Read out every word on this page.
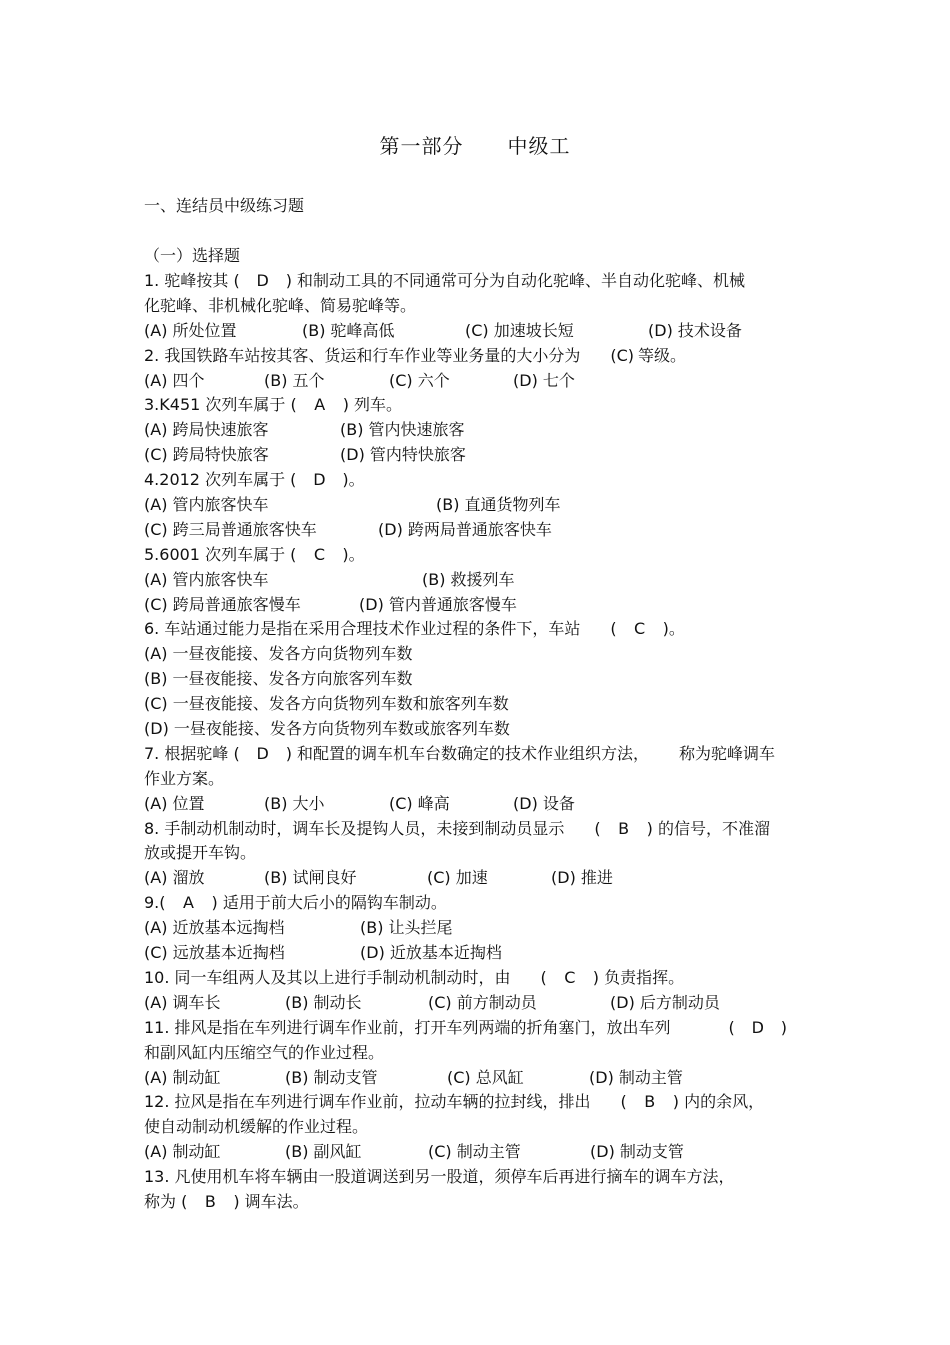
第一部分 中级工
一、连结员中级练习题
（一）选择题
1. 驼峰按其 ( D ) 和制动工具的不同通常可分为自动化驼峰、半自动化驼峰、机械
化驼峰、非机械化驼峰、简易驼峰等。
(A) 所处位置	(B) 驼峰高低	(C) 加速坡长短	(D) 技术设备
2. 我国铁路车站按其客、货运和行车作业等业务量的大小分为 (C) 等级。
(A) 四个	(B) 五个	(C) 六个	(D) 七个
3.K451 次列车属于 ( A ) 列车。
(A) 跨局快速旅客	(B) 管内快速旅客
(C) 跨局特快旅客	(D) 管内特快旅客
4.2012 次列车属于 ( D )。
(A) 管内旅客快车	(B) 直通货物列车
(C) 跨三局普通旅客快车	(D) 跨两局普通旅客快车
5.6001 次列车属于 ( C )。
(A) 管内旅客快车	(B) 救援列车
(C) 跨局普通旅客慢车	(D) 管内普通旅客慢车
6. 车站通过能力是指在采用合理技术作业过程的条件下，车站 ( C )。
(A) 一昼夜能接、发各方向货物列车数
(B) 一昼夜能接、发各方向旅客列车数
(C) 一昼夜能接、发各方向货物列车数和旅客列车数
(D) 一昼夜能接、发各方向货物列车数或旅客列车数
7. 根据驼峰 ( D ) 和配置的调车机车台数确定的技术作业组织方法， 称为驼峰调车
作业方案。
(A) 位置	(B) 大小	(C) 峰高	(D) 设备
8. 手制动机制动时，调车长及提钩人员，未接到制动员显示 ( B ) 的信号，不准溜
放或提开车钩。
(A) 溜放	(B) 试闸良好	(C) 加速	(D) 推进
9.( A ) 适用于前大后小的隔钩车制动。
(A) 近放基本远掏档	(B) 让头拦尾
(C) 远放基本近掏档	(D) 近放基本近掏档
10. 同一车组两人及其以上进行手制动机制动时，由 ( C ) 负责指挥。
(A) 调车长	(B) 制动长	(C) 前方制动员	(D) 后方制动员
11. 排风是指在车列进行调车作业前，打开车列两端的折角塞门，放出车列	( D )
和副风缸内压缩空气的作业过程。
(A) 制动缸	(B) 制动支管	(C) 总风缸	(D) 制动主管
12. 拉风是指在车列进行调车作业前，拉动车辆的拉封线，排出 ( B ) 内的余风，
使自动制动机缓解的作业过程。
(A) 制动缸	(B) 副风缸	(C) 制动主管	(D) 制动支管
13. 凡使用机车将车辆由一股道调送到另一股道，须停车后再进行摘车的调车方法，
称为 ( B ) 调车法。
